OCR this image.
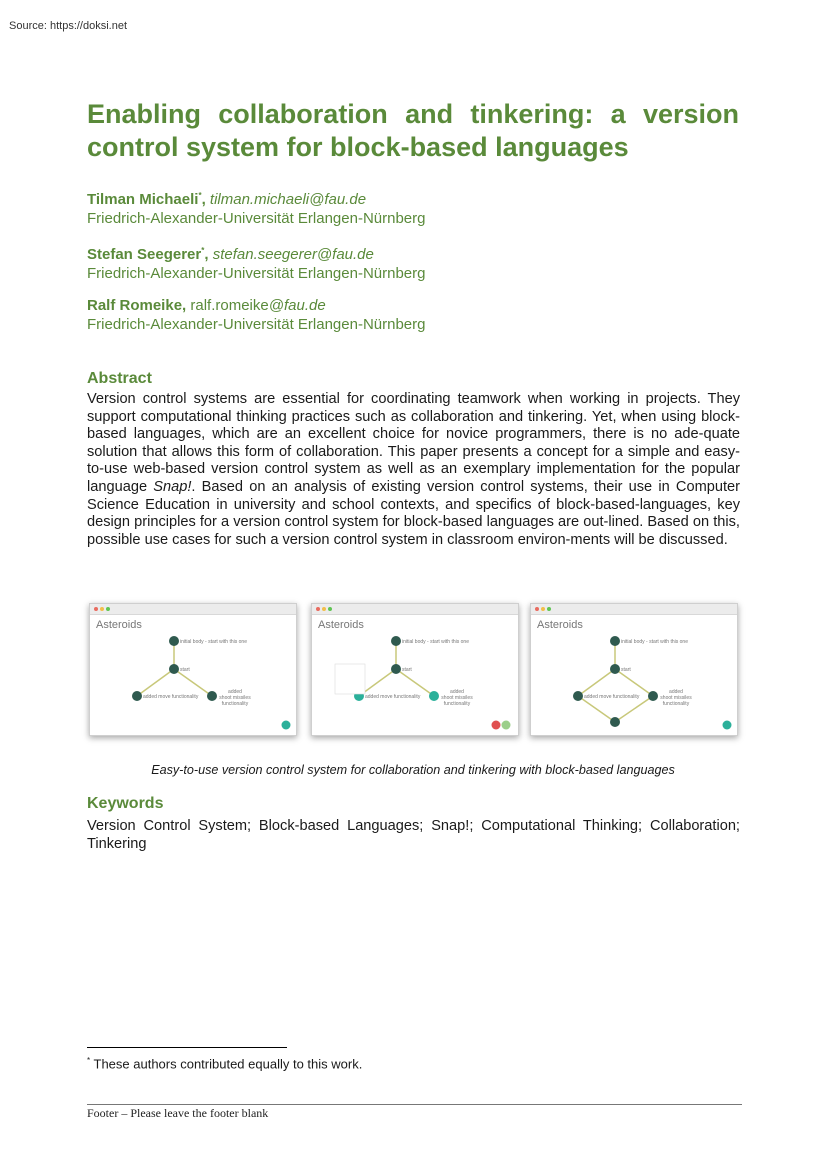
Source: https://doksi.net
Enabling collaboration and tinkering: a version control system for block-based languages
Tilman Michaeli*, tilman.michaeli@fau.de
Friedrich-Alexander-Universität Erlangen-Nürnberg
Stefan Seegerer*, stefan.seegerer@fau.de
Friedrich-Alexander-Universität Erlangen-Nürnberg
Ralf Romeike, ralf.romeike@fau.de
Friedrich-Alexander-Universität Erlangen-Nürnberg
Abstract

Version control systems are essential for coordinating teamwork when working in projects. They support computational thinking practices such as collaboration and tinkering. Yet, when using block-based languages, which are an excellent choice for novice programmers, there is no ade-quate solution that allows this form of collaboration. This paper presents a concept for a simple and easy-to-use web-based version control system as well as an exemplary implementation for the popular language Snap!. Based on an analysis of existing version control systems, their use in Computer Science Education in university and school contexts, and specifics of block-based-languages, key design principles for a version control system for block-based languages are out-lined. Based on this, possible use cases for such a version control system in classroom environ-ments will be discussed.

Asteroids
initial body - start with this one
start
added move functionality
added
shoot missiles
functionality
Asteroids
initial body - start with this one
start
added move functionality
added
shoot missiles
functionality
Asteroids
initial body - start with this one
start
added move functionality
added
shoot missiles
functionality

Easy-to-use version control system for collaboration and tinkering with block-based languages

Keywords

Version Control System; Block-based Languages; Snap!; Computational Thinking; Collaboration; Tinkering

* These authors contributed equally to this work.

Footer – Please leave the footer blank
